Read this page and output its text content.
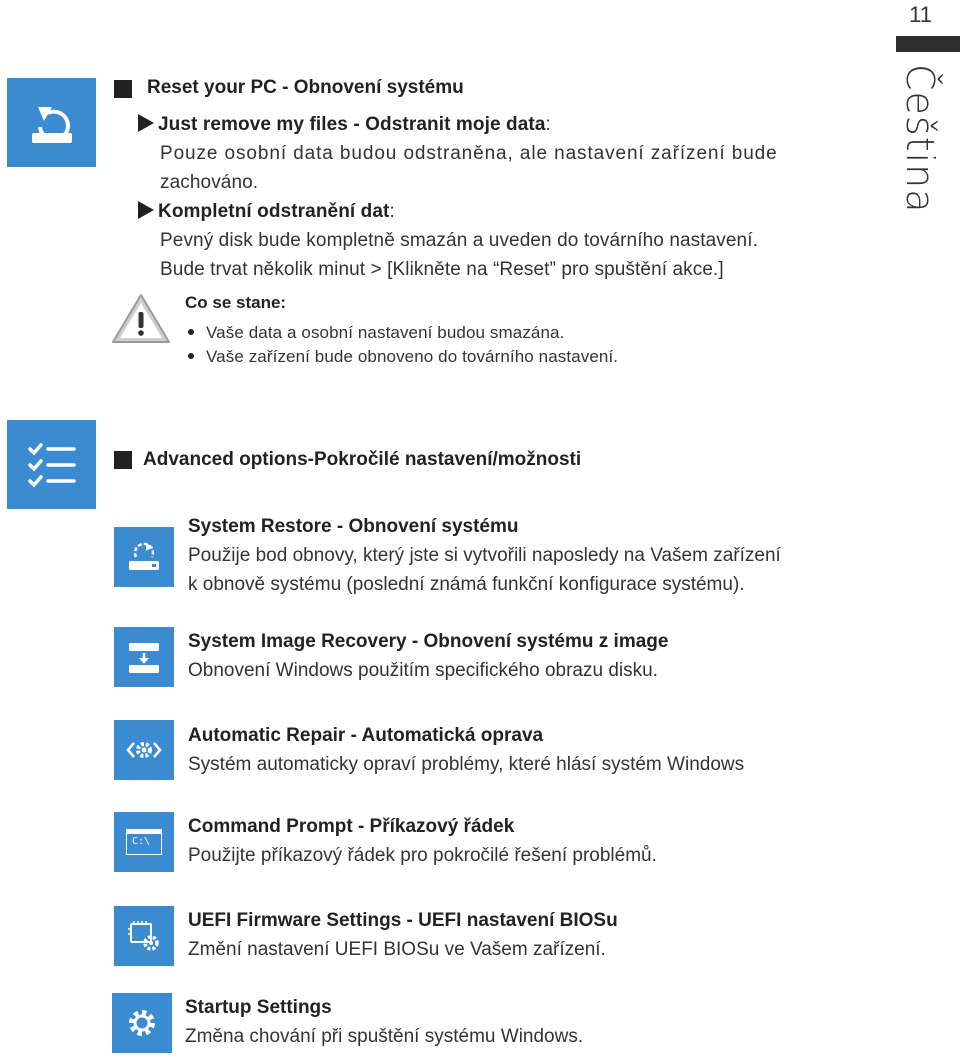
11
Čeština
Reset your PC - Obnovení systému
Just remove my files - Odstranit moje data:
Pouze osobní data budou odstraněna, ale nastavení zařízení bude
zachováno.
Kompletní odstranění dat:
Pevný disk bude kompletně smazán a uveden do továrního nastavení.
Bude trvat několik minut > [Klikněte na “Reset” pro spuštění akce.]
Co se stane:
Vaše data a osobní nastavení budou smazána.
Vaše zařízení bude obnoveno do továrního nastavení.
Advanced options-Pokročilé nastavení/možnosti
System Restore - Obnovení systému
Použije bod obnovy, který jste si vytvořili naposledy na Vašem zařízení
k obnově systému (poslední známá funkční konfigurace systému).
System Image Recovery - Obnovení systému z image
Obnovení Windows použitím specifického obrazu disku.
Automatic Repair - Automatická oprava
Systém automaticky opraví problémy, které hlásí systém Windows
C:\
Command Prompt - Příkazový řádek
Použijte příkazový řádek pro pokročilé řešení problémů.
UEFI Firmware Settings - UEFI nastavení BIOSu
Změní nastavení UEFI BIOSu ve Vašem zařízení.
Startup Settings
Změna chování při spuštění systému Windows.
